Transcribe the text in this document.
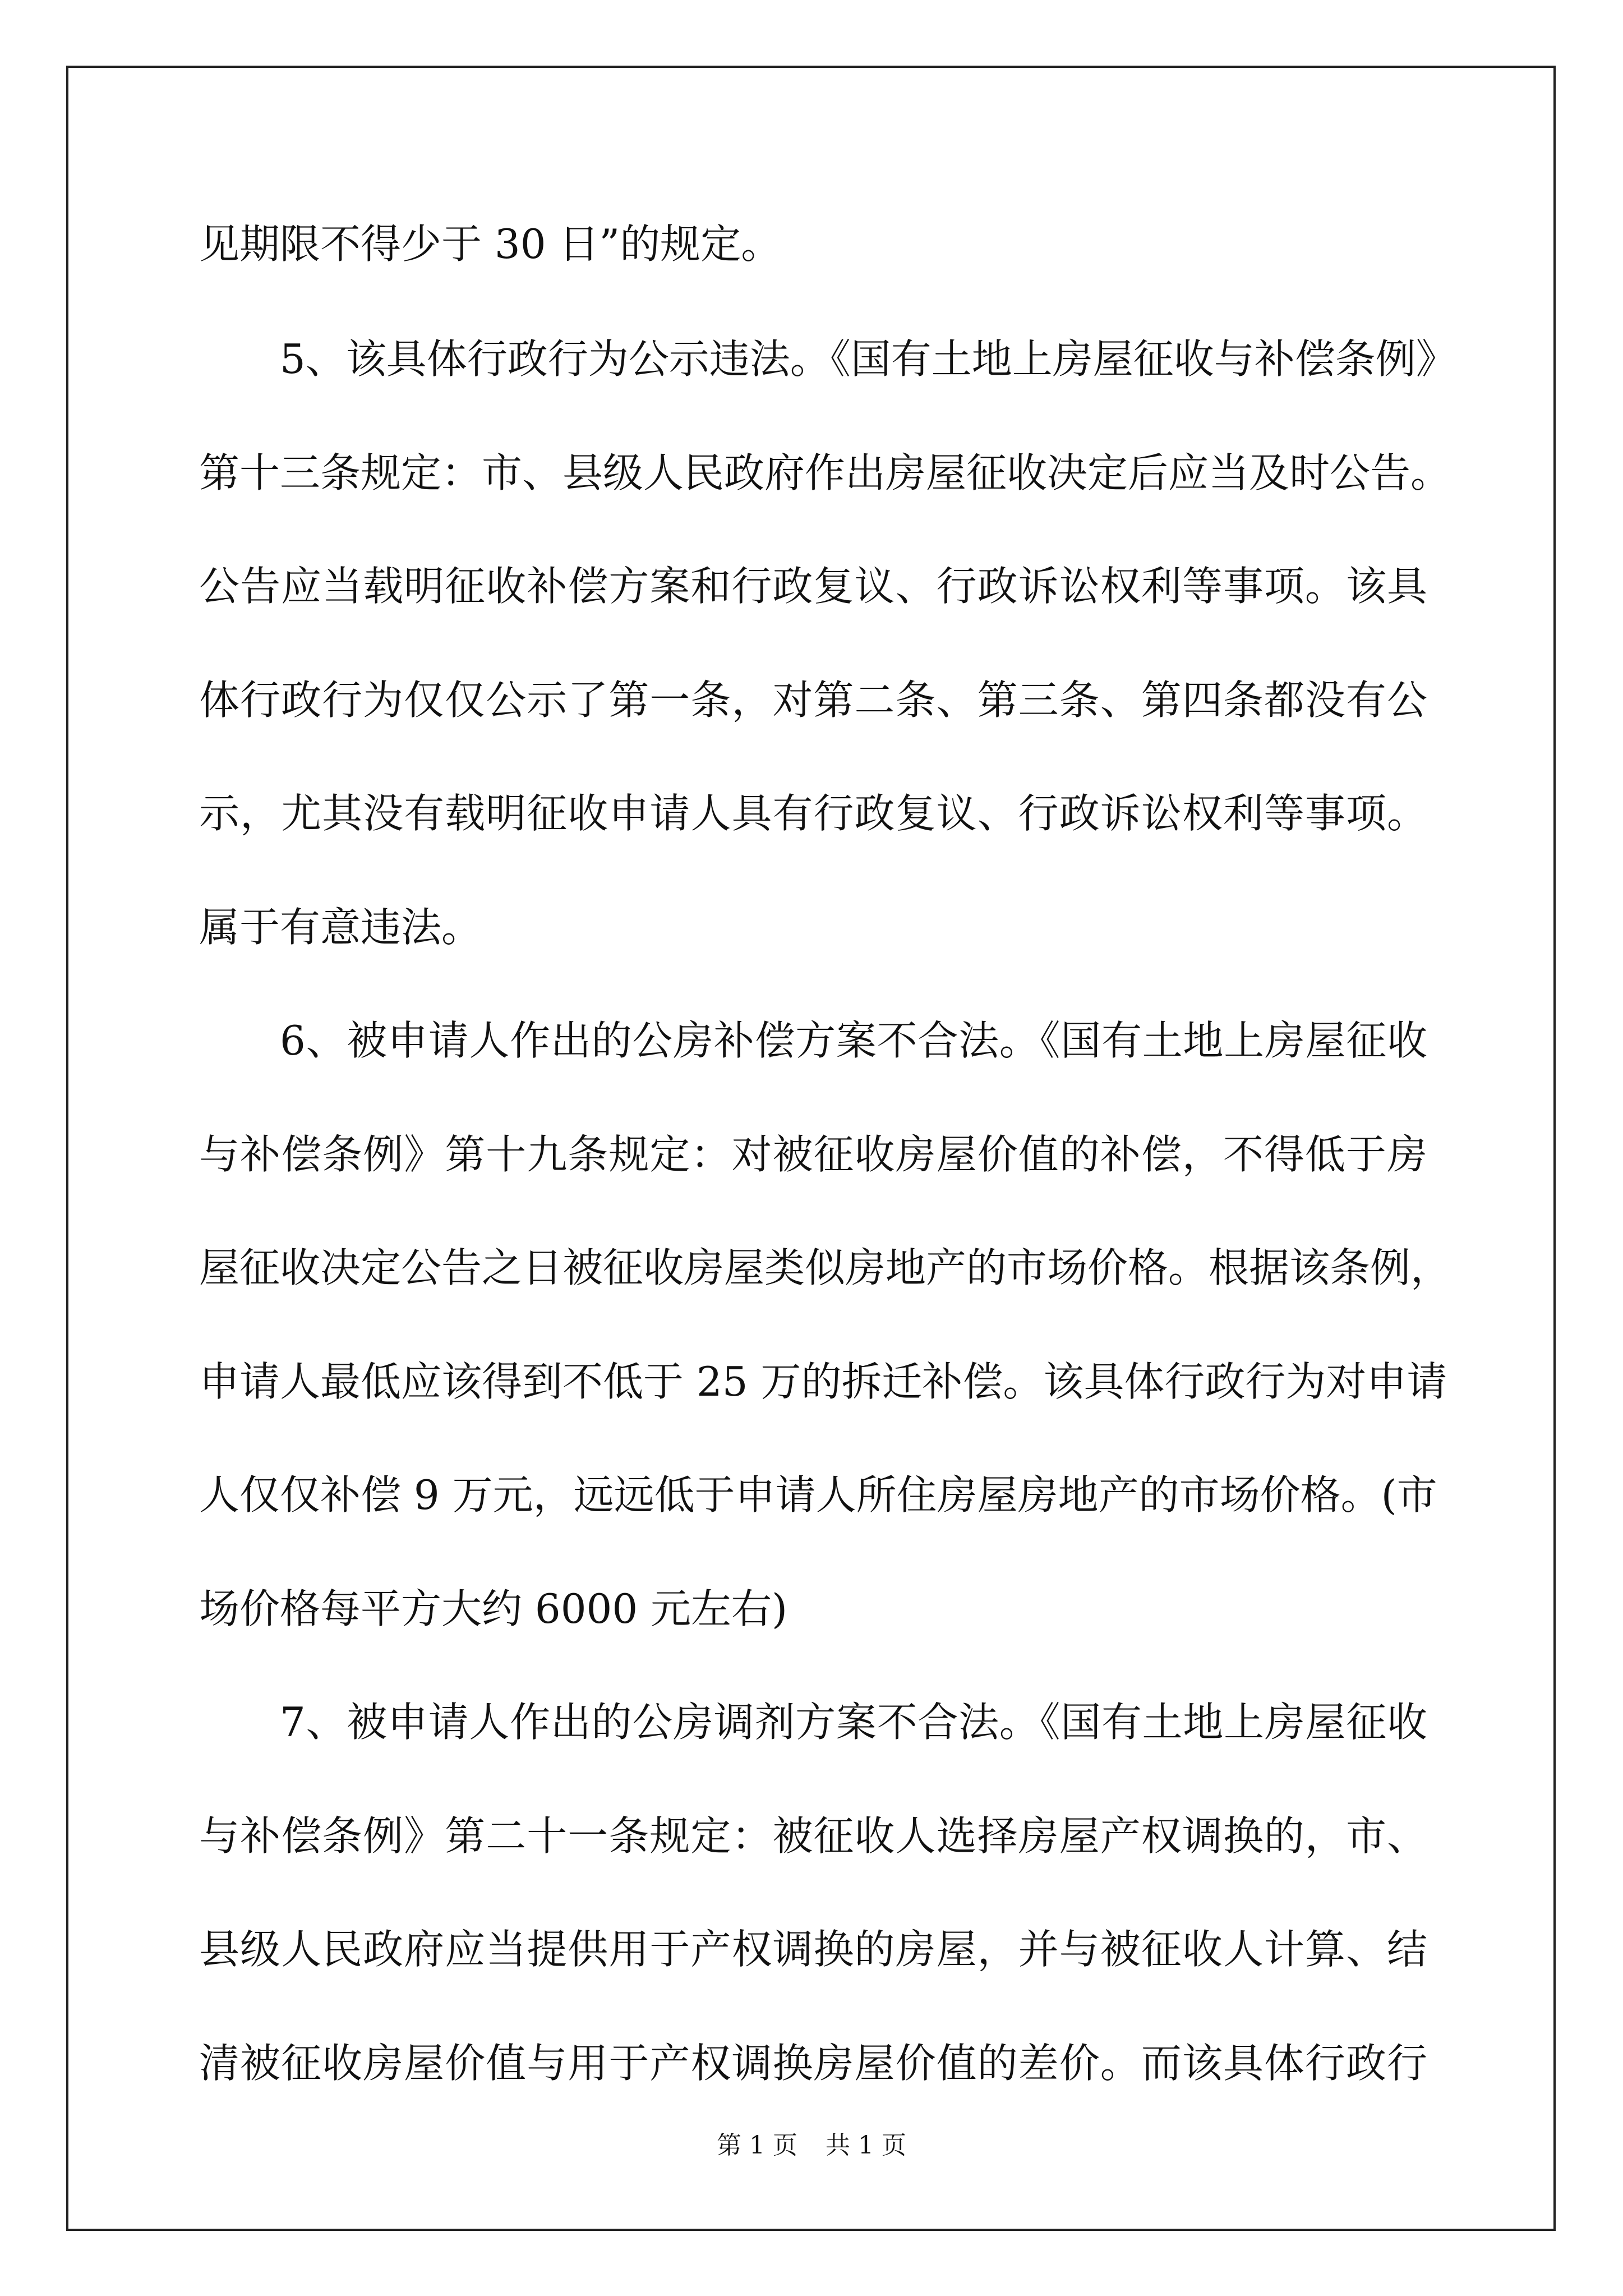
见期限不得少于 30 日”的规定。
5、该具体行政行为公示违法。《国有土地上房屋征收与补偿条例》
第十三条规定：市、县级人民政府作出房屋征收决定后应当及时公告。
公告应当载明征收补偿方案和行政复议、行政诉讼权利等事项。该具
体行政行为仅仅公示了第一条，对第二条、第三条、第四条都没有公
示，尤其没有载明征收申请人具有行政复议、行政诉讼权利等事项。
属于有意违法。
6、被申请人作出的公房补偿方案不合法。《国有土地上房屋征收
与补偿条例》第十九条规定：对被征收房屋价值的补偿，不得低于房
屋征收决定公告之日被征收房屋类似房地产的市场价格。根据该条例，
申请人最低应该得到不低于 25 万的拆迁补偿。该具体行政行为对申请
人仅仅补偿 9 万元，远远低于申请人所住房屋房地产的市场价格。(市
场价格每平方大约 6000 元左右)
7、被申请人作出的公房调剂方案不合法。《国有土地上房屋征收
与补偿条例》第二十一条规定：被征收人选择房屋产权调换的，市、
县级人民政府应当提供用于产权调换的房屋，并与被征收人计算、结
清被征收房屋价值与用于产权调换房屋价值的差价。而该具体行政行
第 1 页 共 1 页
